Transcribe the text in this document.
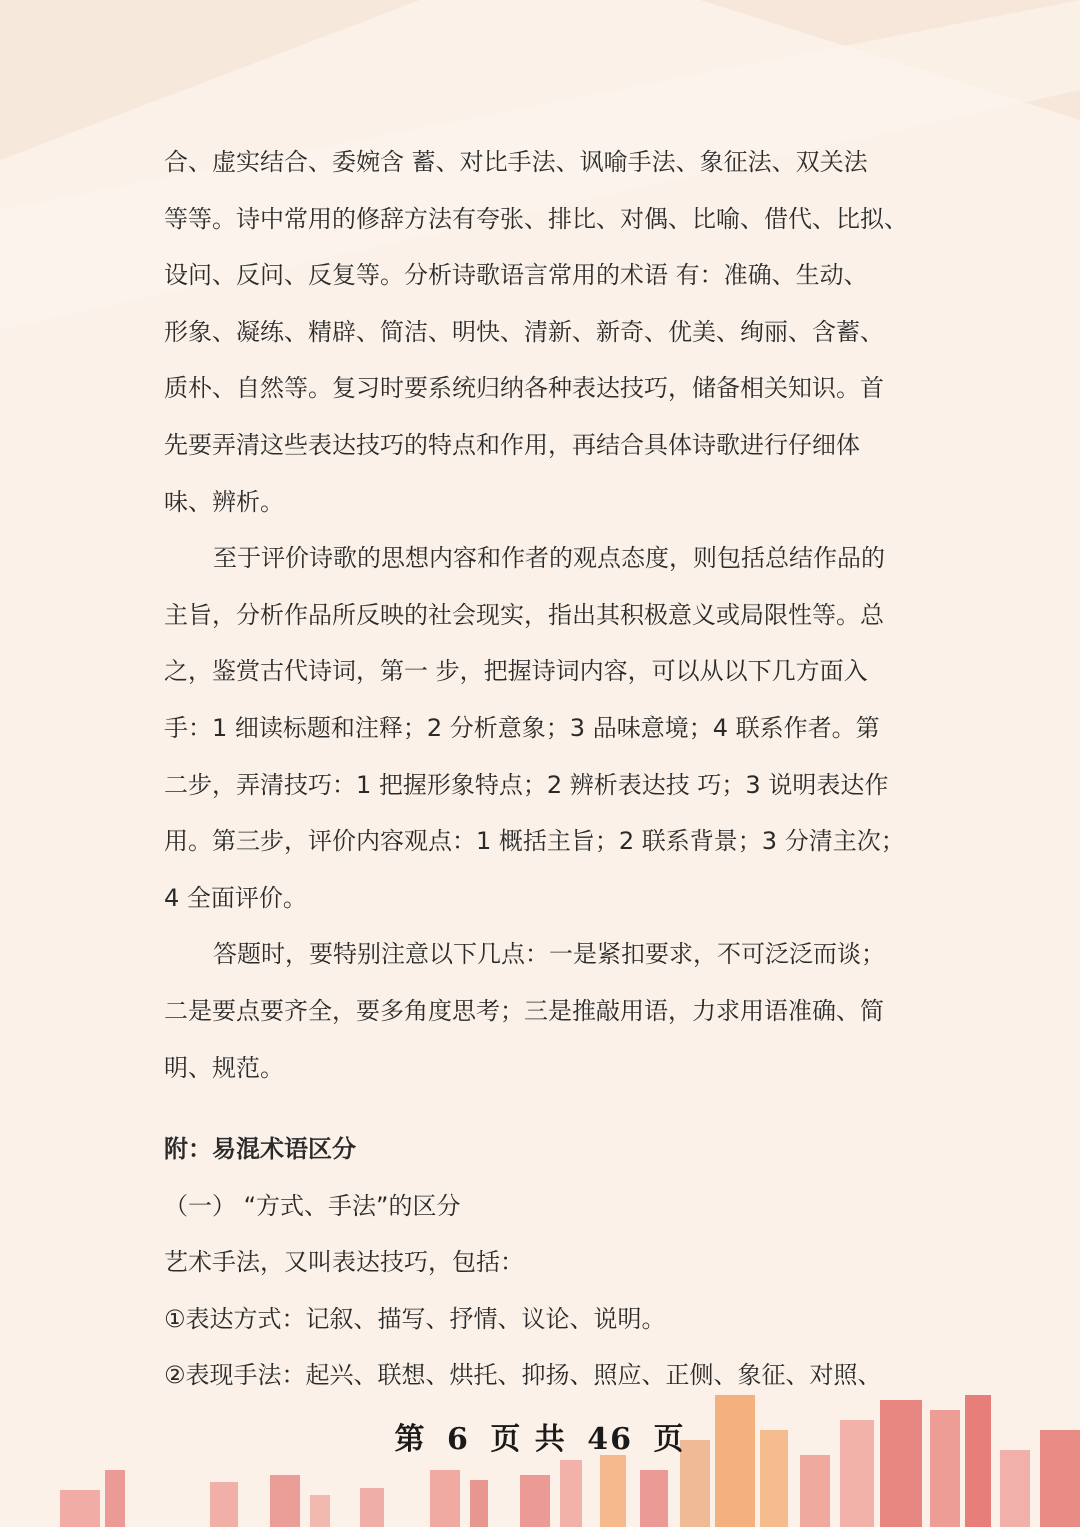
合、虚实结合、委婉含 蓄、对比手法、讽喻手法、象征法、双关法
等等。诗中常用的修辞方法有夸张、排比、对偶、比喻、借代、比拟、
设问、反问、反复等。分析诗歌语言常用的术语 有：准确、生动、
形象、凝练、精辟、简洁、明快、清新、新奇、优美、绚丽、含蓄、
质朴、自然等。复习时要系统归纳各种表达技巧，储备相关知识。首
先要弄清这些表达技巧的特点和作用，再结合具体诗歌进行仔细体
味、辨析。
至于评价诗歌的思想内容和作者的观点态度，则包括总结作品的
主旨，分析作品所反映的社会现实，指出其积极意义或局限性等。总
之，鉴赏古代诗词，第一 步，把握诗词内容，可以从以下几方面入
手：1 细读标题和注释；2 分析意象；3 品味意境；4 联系作者。第
二步，弄清技巧：1 把握形象特点；2 辨析表达技 巧；3 说明表达作
用。第三步，评价内容观点：1 概括主旨；2 联系背景；3 分清主次；
4 全面评价。
答题时，要特别注意以下几点：一是紧扣要求，不可泛泛而谈；
二是要点要齐全，要多角度思考；三是推敲用语，力求用语准确、简
明、规范。
附：易混术语区分
（一） “方式、手法”的区分
艺术手法，又叫表达技巧，包括：
①表达方式：记叙、描写、抒情、议论、说明。
②表现手法：起兴、联想、烘托、抑扬、照应、正侧、象征、对照、
第 6 页 共 46 页
